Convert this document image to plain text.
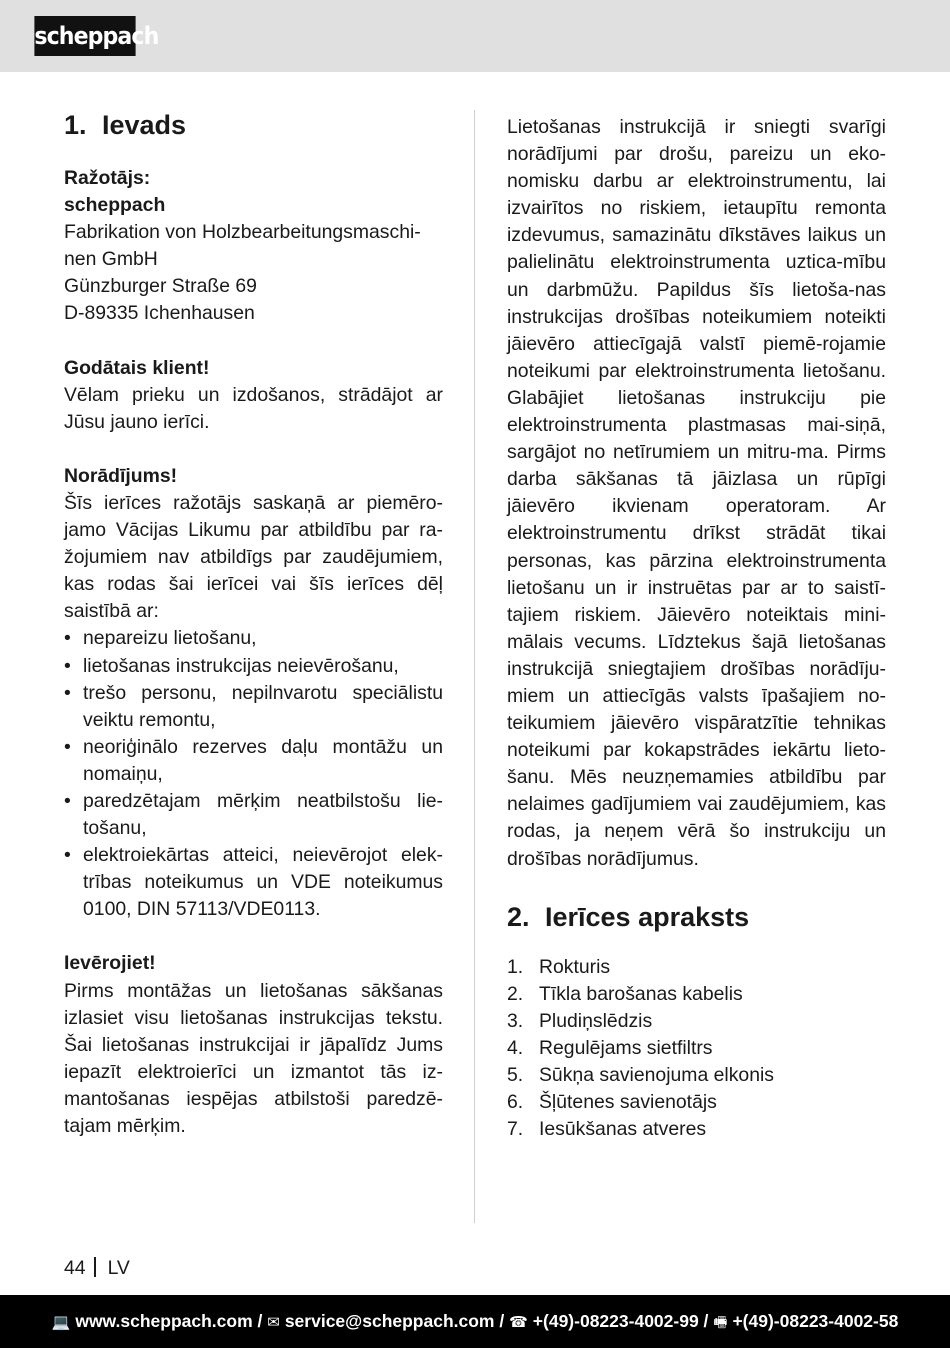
scheppach
1. Ievads

Ražotājs:

scheppach

Fabrikation von Holzbearbeitungsmaschi-

nen GmbH

Günzburger Straße 69

D-89335 Ichenhausen

Godātais klient!

Vēlam prieku un izdošanos, strādājot ar Jūsu jauno ierīci.

Norādījums!

Šīs ierīces ražotājs saskaņā ar piemēro-jamo Vācijas Likumu par atbildību par ra-žojumiem nav atbildīgs par zaudējumiem, kas rodas šai ierīcei vai šīs ierīces dēļ saistībā ar:

• nepareizu lietošanu,
• lietošanas instrukcijas neievērošanu,
• trešo personu, nepilnvarotu speciālistu veiktu remontu,
• neoriģinālo rezerves daļu montāžu un nomaiņu,
• paredzētajam mērķim neatbilstošu lie-tošanu,
• elektroiekārtas atteici, neievērojot elek-trības noteikumus un VDE noteikumus 0100, DIN 57113/VDE0113.

Ievērojiet!

Pirms montāžas un lietošanas sākšanas izlasiet visu lietošanas instrukcijas tekstu. Šai lietošanas instrukcijai ir jāpalīdz Jums iepazīt elektroierīci un izmantot tās iz-mantošanas iespējas atbilstoši paredzē-tajam mērķim.

Lietošanas instrukcijā ir sniegti svarīgi norādījumi par drošu, pareizu un eko-nomisku darbu ar elektroinstrumentu, lai izvairītos no riskiem, ietaupītu remonta izdevumus, samazinātu dīkstāves laikus un palielinātu elektroinstrumenta uztica-mību un darbmūžu. Papildus šīs lietoša-nas instrukcijas drošības noteikumiem noteikti jāievēro attiecīgajā valstī piemē-rojamie noteikumi par elektroinstrumenta lietošanu. Glabājiet lietošanas instrukciju pie elektroinstrumenta plastmasas mai-siņā, sargājot no netīrumiem un mitru-ma. Pirms darba sākšanas tā jāizlasa un rūpīgi jāievēro ikvienam operatoram. Ar elektroinstrumentu drīkst strādāt tikai personas, kas pārzina elektroinstrumenta lietošanu un ir instruētas par ar to saistī-tajiem riskiem. Jāievēro noteiktais mini-mālais vecums. Līdztekus šajā lietošanas instrukcijā sniegtajiem drošības norādīju-miem un attiecīgās valsts īpašajiem no-teikumiem jāievēro vispāratzītie tehnikas noteikumi par kokapstrādes iekārtu lieto-šanu. Mēs neuzņemamies atbildību par nelaimes gadījumiem vai zaudējumiem, kas rodas, ja neņem vērā šo instrukciju un drošības norādījumus.

2. Ierīces apraksts
1. Rokturis
2. Tīkla barošanas kabelis
3. Pludiņslēdzis
4. Regulējams sietfiltrs
5. Sūkņa savienojuma elkonis
6. Šļūtenes savienotājs
7. Iesūkšanas atveres
44 LV
💻 www.scheppach.com / ✉ service@scheppach.com / ☎ +(49)-08223-4002-99 / 🖷 +(49)-08223-4002-58
